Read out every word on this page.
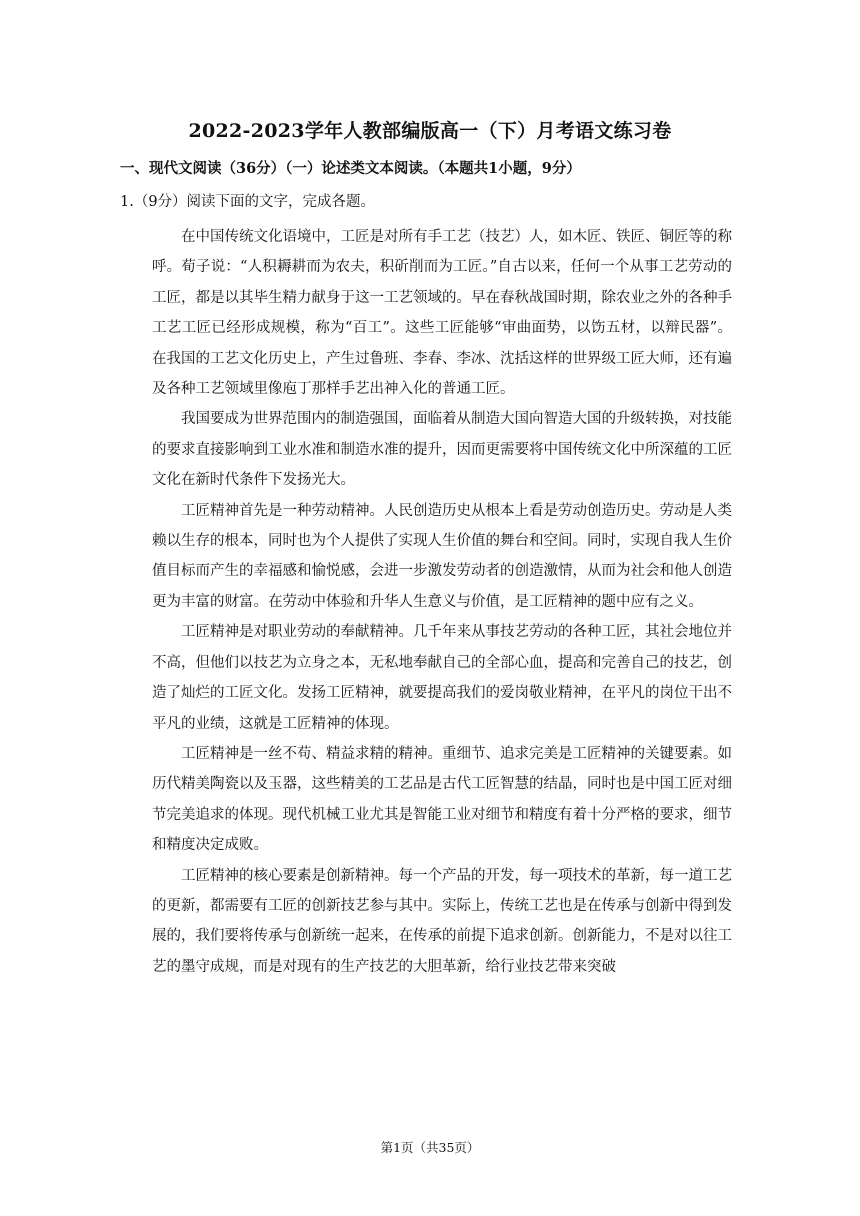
2022-2023学年人教部编版高一（下）月考语文练习卷
一、现代文阅读（36分）（一）论述类文本阅读。（本题共1小题，9分）
1.（9分）阅读下面的文字，完成各题。

在中国传统文化语境中，工匠是对所有手工艺（技艺）人，如木匠、铁匠、铜匠等的称呼。荀子说：“人积耨耕而为农夫，积斫削而为工匠。”自古以来，任何一个从事工艺劳动的工匠，都是以其毕生精力献身于这一工艺领域的。早在春秋战国时期，除农业之外的各种手工艺工匠已经形成规模，称为“百工”。这些工匠能够“审曲面势，以饬五材，以辩民器”。在我国的工艺文化历史上，产生过鲁班、李春、李冰、沈括这样的世界级工匠大师，还有遍及各种工艺领域里像庖丁那样手艺出神入化的普通工匠。

我国要成为世界范围内的制造强国，面临着从制造大国向智造大国的升级转换，对技能的要求直接影响到工业水准和制造水准的提升，因而更需要将中国传统文化中所深蕴的工匠文化在新时代条件下发扬光大。

工匠精神首先是一种劳动精神。人民创造历史从根本上看是劳动创造历史。劳动是人类赖以生存的根本，同时也为个人提供了实现人生价值的舞台和空间。同时，实现自我人生价值目标而产生的幸福感和愉悦感，会进一步激发劳动者的创造激情，从而为社会和他人创造更为丰富的财富。在劳动中体验和升华人生意义与价值，是工匠精神的题中应有之义。

工匠精神是对职业劳动的奉献精神。几千年来从事技艺劳动的各种工匠，其社会地位并不高，但他们以技艺为立身之本，无私地奉献自己的全部心血，提高和完善自己的技艺，创造了灿烂的工匠文化。发扬工匠精神，就要提高我们的爱岗敬业精神，在平凡的岗位干出不平凡的业绩，这就是工匠精神的体现。

工匠精神是一丝不苟、精益求精的精神。重细节、追求完美是工匠精神的关键要素。如历代精美陶瓷以及玉器，这些精美的工艺品是古代工匠智慧的结晶，同时也是中国工匠对细节完美追求的体现。现代机械工业尤其是智能工业对细节和精度有着十分严格的要求，细节和精度决定成败。

工匠精神的核心要素是创新精神。每一个产品的开发，每一项技术的革新，每一道工艺的更新，都需要有工匠的创新技艺参与其中。实际上，传统工艺也是在传承与创新中得到发展的，我们要将传承与创新统一起来，在传承的前提下追求创新。创新能力，不是对以往工艺的墨守成规，而是对现有的生产技艺的大胆革新，给行业技艺带来突破

第1页（共35页）
